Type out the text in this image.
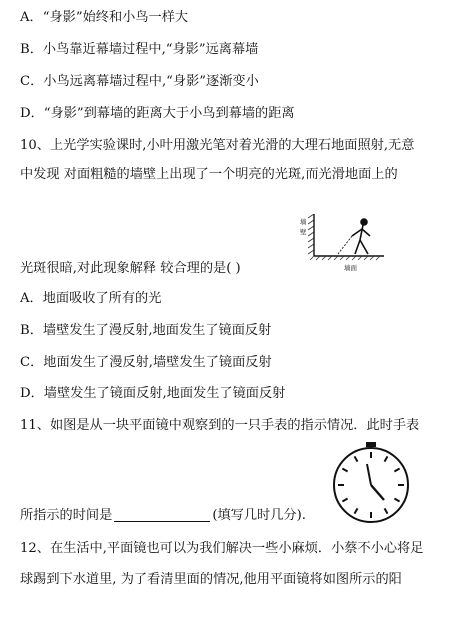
A．“身影”始终和小鸟一样大
B．小鸟靠近幕墙过程中,“身影”远离幕墙
C．小鸟远离幕墙过程中,“身影”逐渐变小
D．“身影”到幕墙的距离大于小鸟到幕墙的距离
10、上光学实验课时,小叶用激光笔对着光滑的大理石地面照射,无意
中发现 对面粗糙的墙壁上出现了一个明亮的光斑,而光滑地面上的
墙
壁
墙面
光斑很暗,对此现象解释 较合理的是( )
A．地面吸收了所有的光
B．墙壁发生了漫反射,地面发生了镜面反射
C．地面发生了漫反射,墙壁发生了镜面反射
D．墙壁发生了镜面反射,地面发生了镜面反射
11、如图是从一块平面镜中观察到的一只手表的指示情况．此时手表
所指示的时间是	(填写几时几分).
12、在生活中,平面镜也可以为我们解决一些小麻烦．小蔡不小心将足
球踢到下水道里, 为了看清里面的情况,他用平面镜将如图所示的阳
